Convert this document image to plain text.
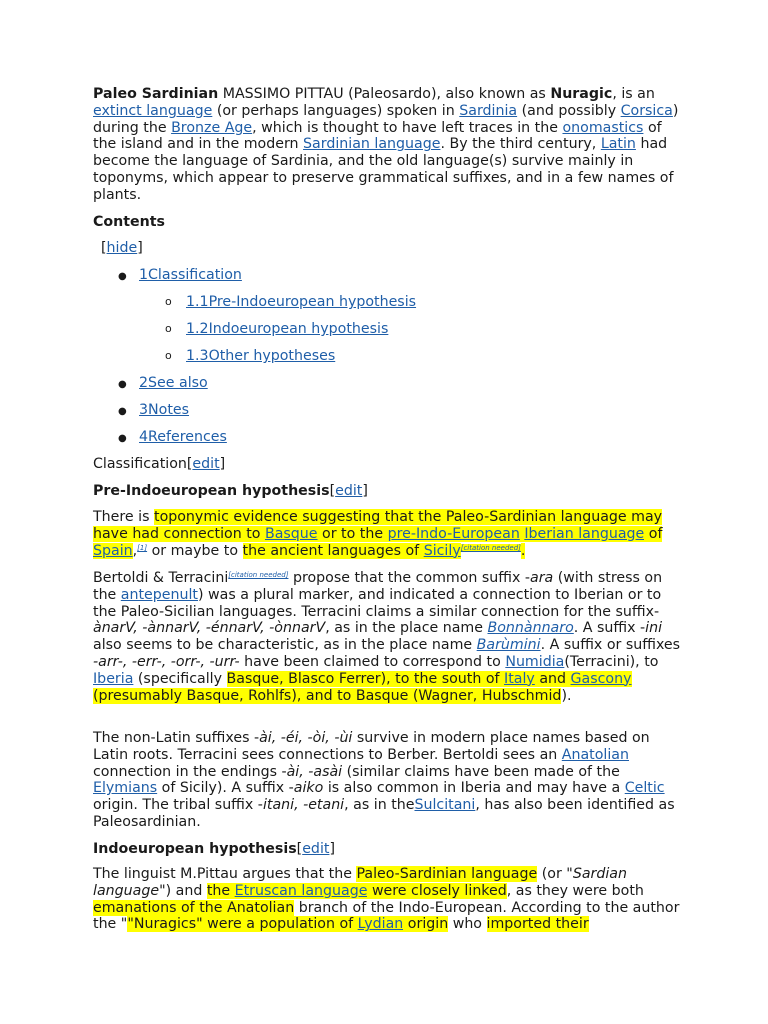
Paleo Sardinian MASSIMO PITTAU (Paleosardo), also known as Nuragic, is an extinct language (or perhaps languages) spoken in Sardinia (and possibly Corsica) during the Bronze Age, which is thought to have left traces in the onomastics of the island and in the modern Sardinian language. By the third century, Latin had become the language of Sardinia, and the old language(s) survive mainly in toponyms, which appear to preserve grammatical suffixes, and in a few names of plants.

Contents
[hide]
● 1Classification
o 1.1Pre-Indoeuropean hypothesis
o 1.2Indoeuropean hypothesis
o 1.3Other hypotheses
● 2See also
● 3Notes
● 4References
Classification[edit]
Pre-Indoeuropean hypothesis[edit]

There is toponymic evidence suggesting that the Paleo-Sardinian language may have had connection to Basque or to the pre-Indo-European Iberian language of Spain,[1] or maybe to the ancient languages of Sicily[citation needed].

Bertoldi & Terracini[citation needed] propose that the common suffix -ara (with stress on the antepenult) was a plural marker, and indicated a connection to Iberian or to the Paleo-Sicilian languages. Terracini claims a similar connection for the suffix-ànarV, -ànnarV, -énnarV, -ònnarV, as in the place name Bonnànnaro. A suffix -ini also seems to be characteristic, as in the place name Barùmini. A suffix or suffixes -arr-, -err-, -orr-, -urr- have been claimed to correspond to Numidia(Terracini), to Iberia (specifically Basque, Blasco Ferrer), to the south of Italy and Gascony (presumably Basque, Rohlfs), and to Basque (Wagner, Hubschmid).

The non-Latin suffixes -ài, -éi, -òi, -ùi survive in modern place names based on Latin roots. Terracini sees connections to Berber. Bertoldi sees an Anatolian connection in the endings -ài, -asài (similar claims have been made of the Elymians of Sicily). A suffix -aiko is also common in Iberia and may have a Celtic origin. The tribal suffix -itani, -etani, as in theSulcitani, has also been identified as Paleosardinian.

Indoeuropean hypothesis[edit]

The linguist M.Pittau argues that the Paleo-Sardinian language (or "Sardian language") and the Etruscan language were closely linked, as they were both emanations of the Anatolian branch of the Indo-European. According to the author the ""Nuragics" were a population of Lydian origin who imported their
